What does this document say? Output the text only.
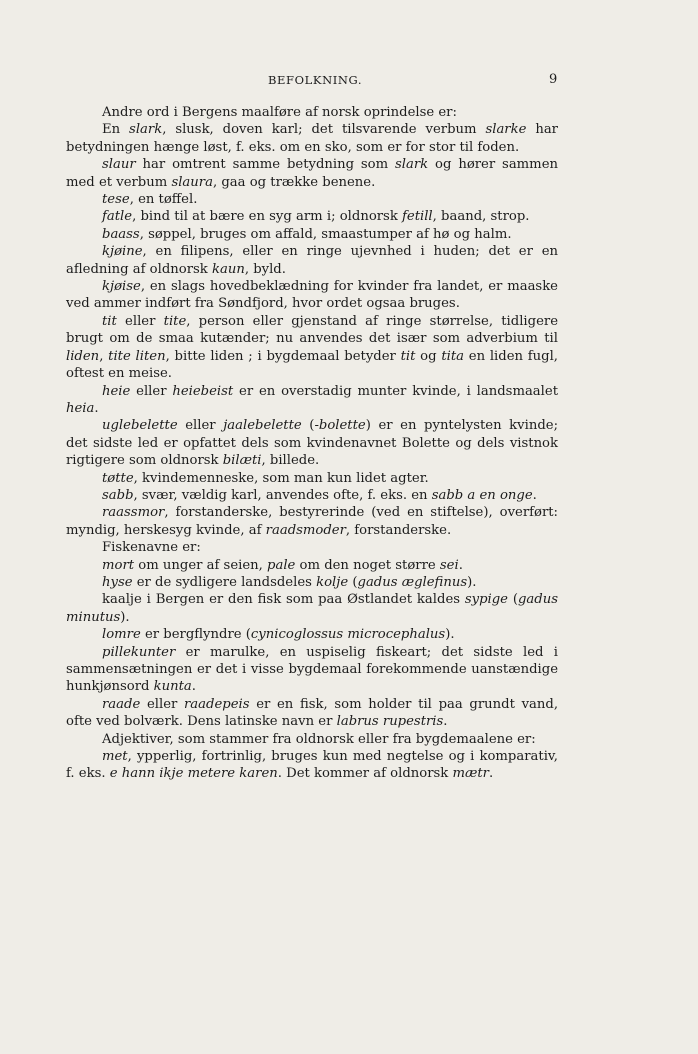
BEFOLKNING.	9

Andre ord i Bergens maalføre af norsk oprindelse er:

En slark, slusk, doven karl; det tilsvarende verbum slarke har betydningen hænge løst, f. eks. om en sko, som er for stor til foden.

slaur har omtrent samme betydning som slark og hører sammen med et verbum slaura, gaa og trække benene.

tese, en tøffel.

fatle, bind til at bære en syg arm i; oldnorsk fetill, baand, strop.

baass, søppel, bruges om affald, smaastumper af hø og halm.

kjøine, en filipens, eller en ringe ujevnhed i huden; det er en afledning af oldnorsk kaun, byld.

kjøise, en slags hovedbeklædning for kvinder fra landet, er maaske ved ammer indført fra Søndfjord, hvor ordet ogsaa bruges.

tit eller tite, person eller gjenstand af ringe størrelse, tidligere brugt om de smaa kutænder; nu anvendes det især som adverbium til liden, tite liten, bitte liden ; i bygdemaal betyder tit og tita en liden fugl, oftest en meise.

heie eller heiebeist er en overstadig munter kvinde, i landsmaalet heia.

uglebelette eller jaalebelette (-bolette) er en pyntelysten kvinde; det sidste led er opfattet dels som kvindenavnet Bolette og dels vistnok rigtigere som oldnorsk bilæti, billede.

tøtte, kvindemenneske, som man kun lidet agter.

sabb, svær, vældig karl, anvendes ofte, f. eks. en sabb a en onge.

raassmor, forstanderske, bestyrerinde (ved en stiftelse), overført: myndig, herskesyg kvinde, af raadsmoder, forstanderske.

Fiskenavne er:

mort om unger af seien, pale om den noget større sei.

hyse er de sydligere landsdeles kolje (gadus æglefinus).

kaalje i Bergen er den fisk som paa Østlandet kaldes sypige (gadus minutus).

lomre er bergflyndre (cynicoglossus microcephalus).

pillekunter er marulke, en uspiselig fiskeart; det sidste led i sammensætningen er det i visse bygdemaal forekommende uanstændige hunkjønsord kunta.

raade eller raadepeis er en fisk, som holder til paa grundt vand, ofte ved bolværk. Dens latinske navn er labrus rupestris.

Adjektiver, som stammer fra oldnorsk eller fra bygdemaalene er:

met, ypperlig, fortrinlig, bruges kun med negtelse og i komparativ, f. eks. e hann ikje metere karen. Det kommer af oldnorsk mætr.
